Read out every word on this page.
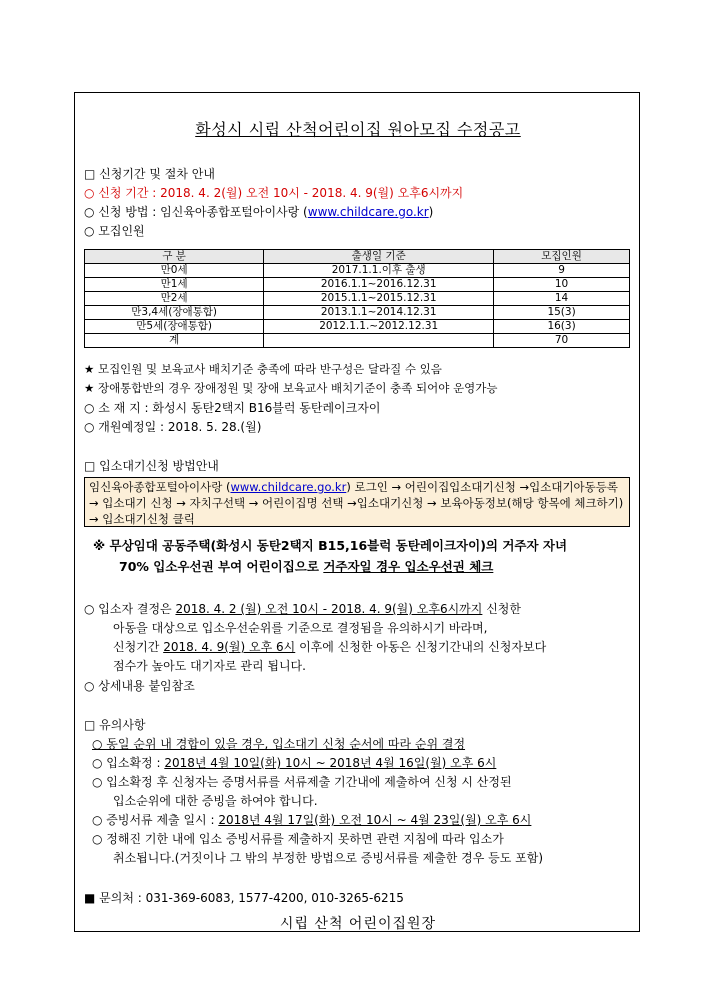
화성시 시립 산척어린이집 원아모집 수정공고
□ 신청기간 및 절차 안내
○ 신청 기간 : 2018. 4. 2(월) 오전 10시 - 2018. 4. 9(월) 오후6시까지
○ 신청 방법 : 임신육아종합포털아이사랑 (www.childcare.go.kr)
○ 모집인원
구 분	출생일 기준	모집인원
만0세	2017.1.1.이후 출생	9
만1세	2016.1.1~2016.12.31	10
만2세	2015.1.1~2015.12.31	14
만3,4세(장애통합)	2013.1.1~2014.12.31	15(3)
만5세(장애통합)	2012.1.1.~2012.12.31	16(3)
계		70
★ 모집인원 및 보육교사 배치기준 충족에 따라 반구성은 달라질 수 있음
★ 장애통합반의 경우 장애정원 및 장애 보육교사 배치기준이 충족 되어야 운영가능
○ 소 재 지 : 화성시 동탄2택지 B16블럭 동탄레이크자이
○ 개원예정일 : 2018. 5. 28.(월)
□ 입소대기신청 방법안내
임신육아종합포털아이사랑 (www.childcare.go.kr) 로그인 → 어린이집입소대기신청 →입소대기아동등록 → 입소대기 신청 → 자치구선택 → 어린이집명 선택 →입소대기신청 → 보육아동정보(해당 항목에 체크하기) → 입소대기신청 클릭
※ 무상임대 공동주택(화성시 동탄2택지 B15,16블럭 동탄레이크자이)의 거주자 자녀
70% 입소우선권 부여 어린이집으로 거주자일 경우 입소우선권 체크
○ 입소자 결정은 2018. 4. 2 (월) 오전 10시 - 2018. 4. 9(월) 오후6시까지 신청한
아동을 대상으로 입소우선순위를 기준으로 결정됨을 유의하시기 바라며,
신청기간 2018. 4. 9(월) 오후 6시 이후에 신청한 아동은 신청기간내의 신청자보다
점수가 높아도 대기자로 관리 됩니다.
○ 상세내용 붙임참조
□ 유의사항
○ 동일 순위 내 경합이 있을 경우, 입소대기 신청 순서에 따라 순위 결정
○ 입소확정 : 2018년 4월 10일(화) 10시 ~ 2018년 4월 16일(월) 오후 6시
○ 입소확정 후 신청자는 증명서류를 서류제출 기간내에 제출하여 신청 시 산정된
입소순위에 대한 증빙을 하여야 합니다.
○ 증빙서류 제출 일시 : 2018년 4월 17일(화) 오전 10시 ~ 4월 23일(월) 오후 6시
○ 정해진 기한 내에 입소 증빙서류를 제출하지 못하면 관련 지침에 따라 입소가
취소됩니다.(거짓이나 그 밖의 부정한 방법으로 증빙서류를 제출한 경우 등도 포함)
■ 문의처 : 031-369-6083, 1577-4200, 010-3265-6215
시립 산척 어린이집원장
